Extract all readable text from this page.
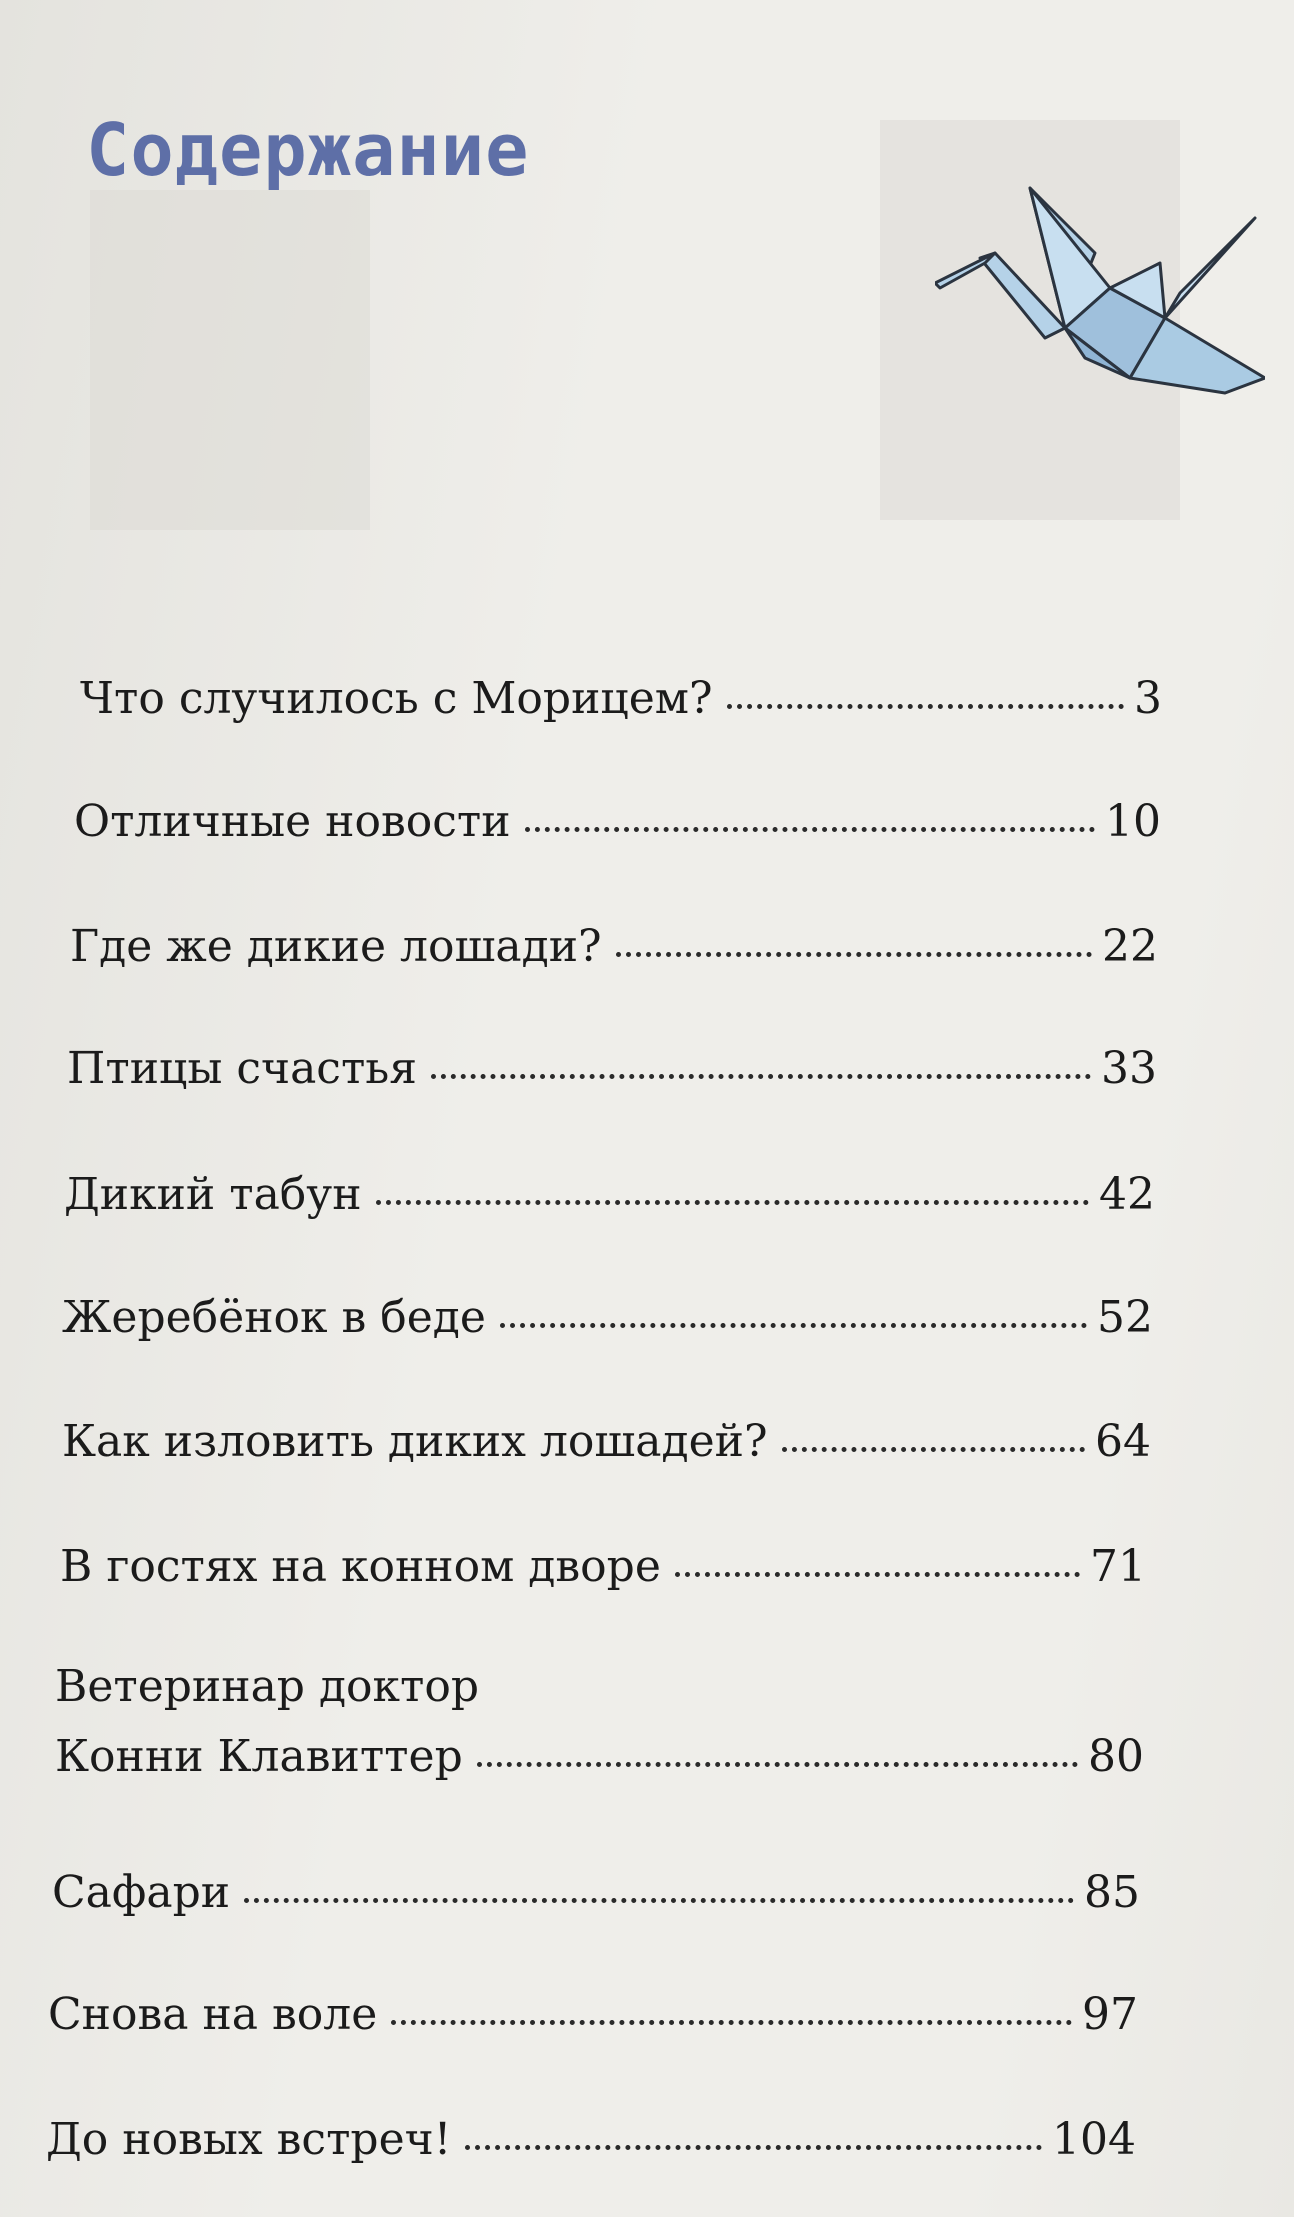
Содержание
Что случилось с Морицем?	3
Отличные новости	10
Где же дикие лошади?	22
Птицы счастья	33
Дикий табун	42
Жеребёнок в беде	52
Как изловить диких лошадей?	64
В гостях на конном дворе	71
Ветеринар доктор
Конни Клавиттер	80
Сафари	85
Снова на воле	97
До новых встреч!	104
